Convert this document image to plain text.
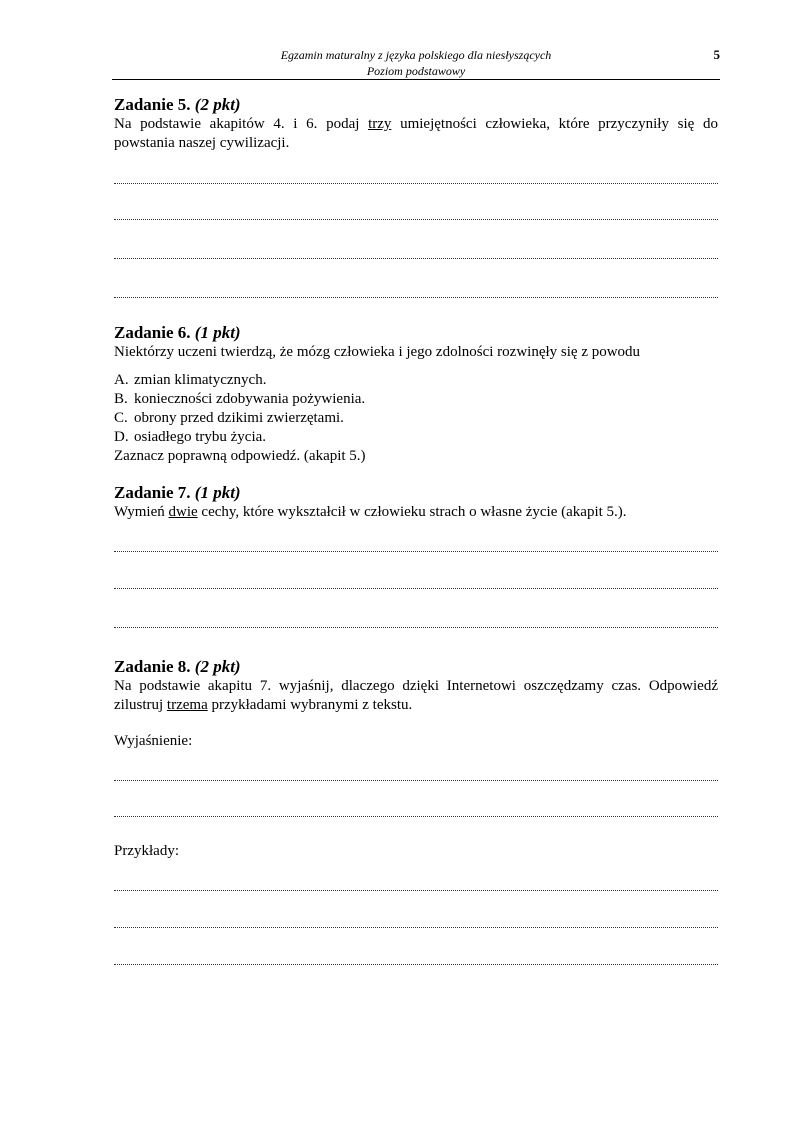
Egzamin maturalny z języka polskiego dla niesłyszących
Poziom podstawowy
5

Zadanie 5. (2 pkt)

Na podstawie akapitów 4. i 6. podaj trzy umiejętności człowieka, które przyczyniły się do powstania naszej cywilizacji.

Zadanie 6. (1 pkt)

Niektórzy uczeni twierdzą, że mózg człowieka i jego zdolności rozwinęły się z powodu

A. zmian klimatycznych.
B. konieczności zdobywania pożywienia.
C. obrony przed dzikimi zwierzętami.
D. osiadłego trybu życia.

Zaznacz poprawną odpowiedź. (akapit 5.)

Zadanie 7. (1 pkt)

Wymień dwie cechy, które wykształcił w człowieku strach o własne życie (akapit 5.).

Zadanie 8. (2 pkt)

Na podstawie akapitu 7. wyjaśnij, dlaczego dzięki Internetowi oszczędzamy czas. Odpowiedź zilustruj trzema przykładami wybranymi z tekstu.

Wyjaśnienie:

Przykłady:
